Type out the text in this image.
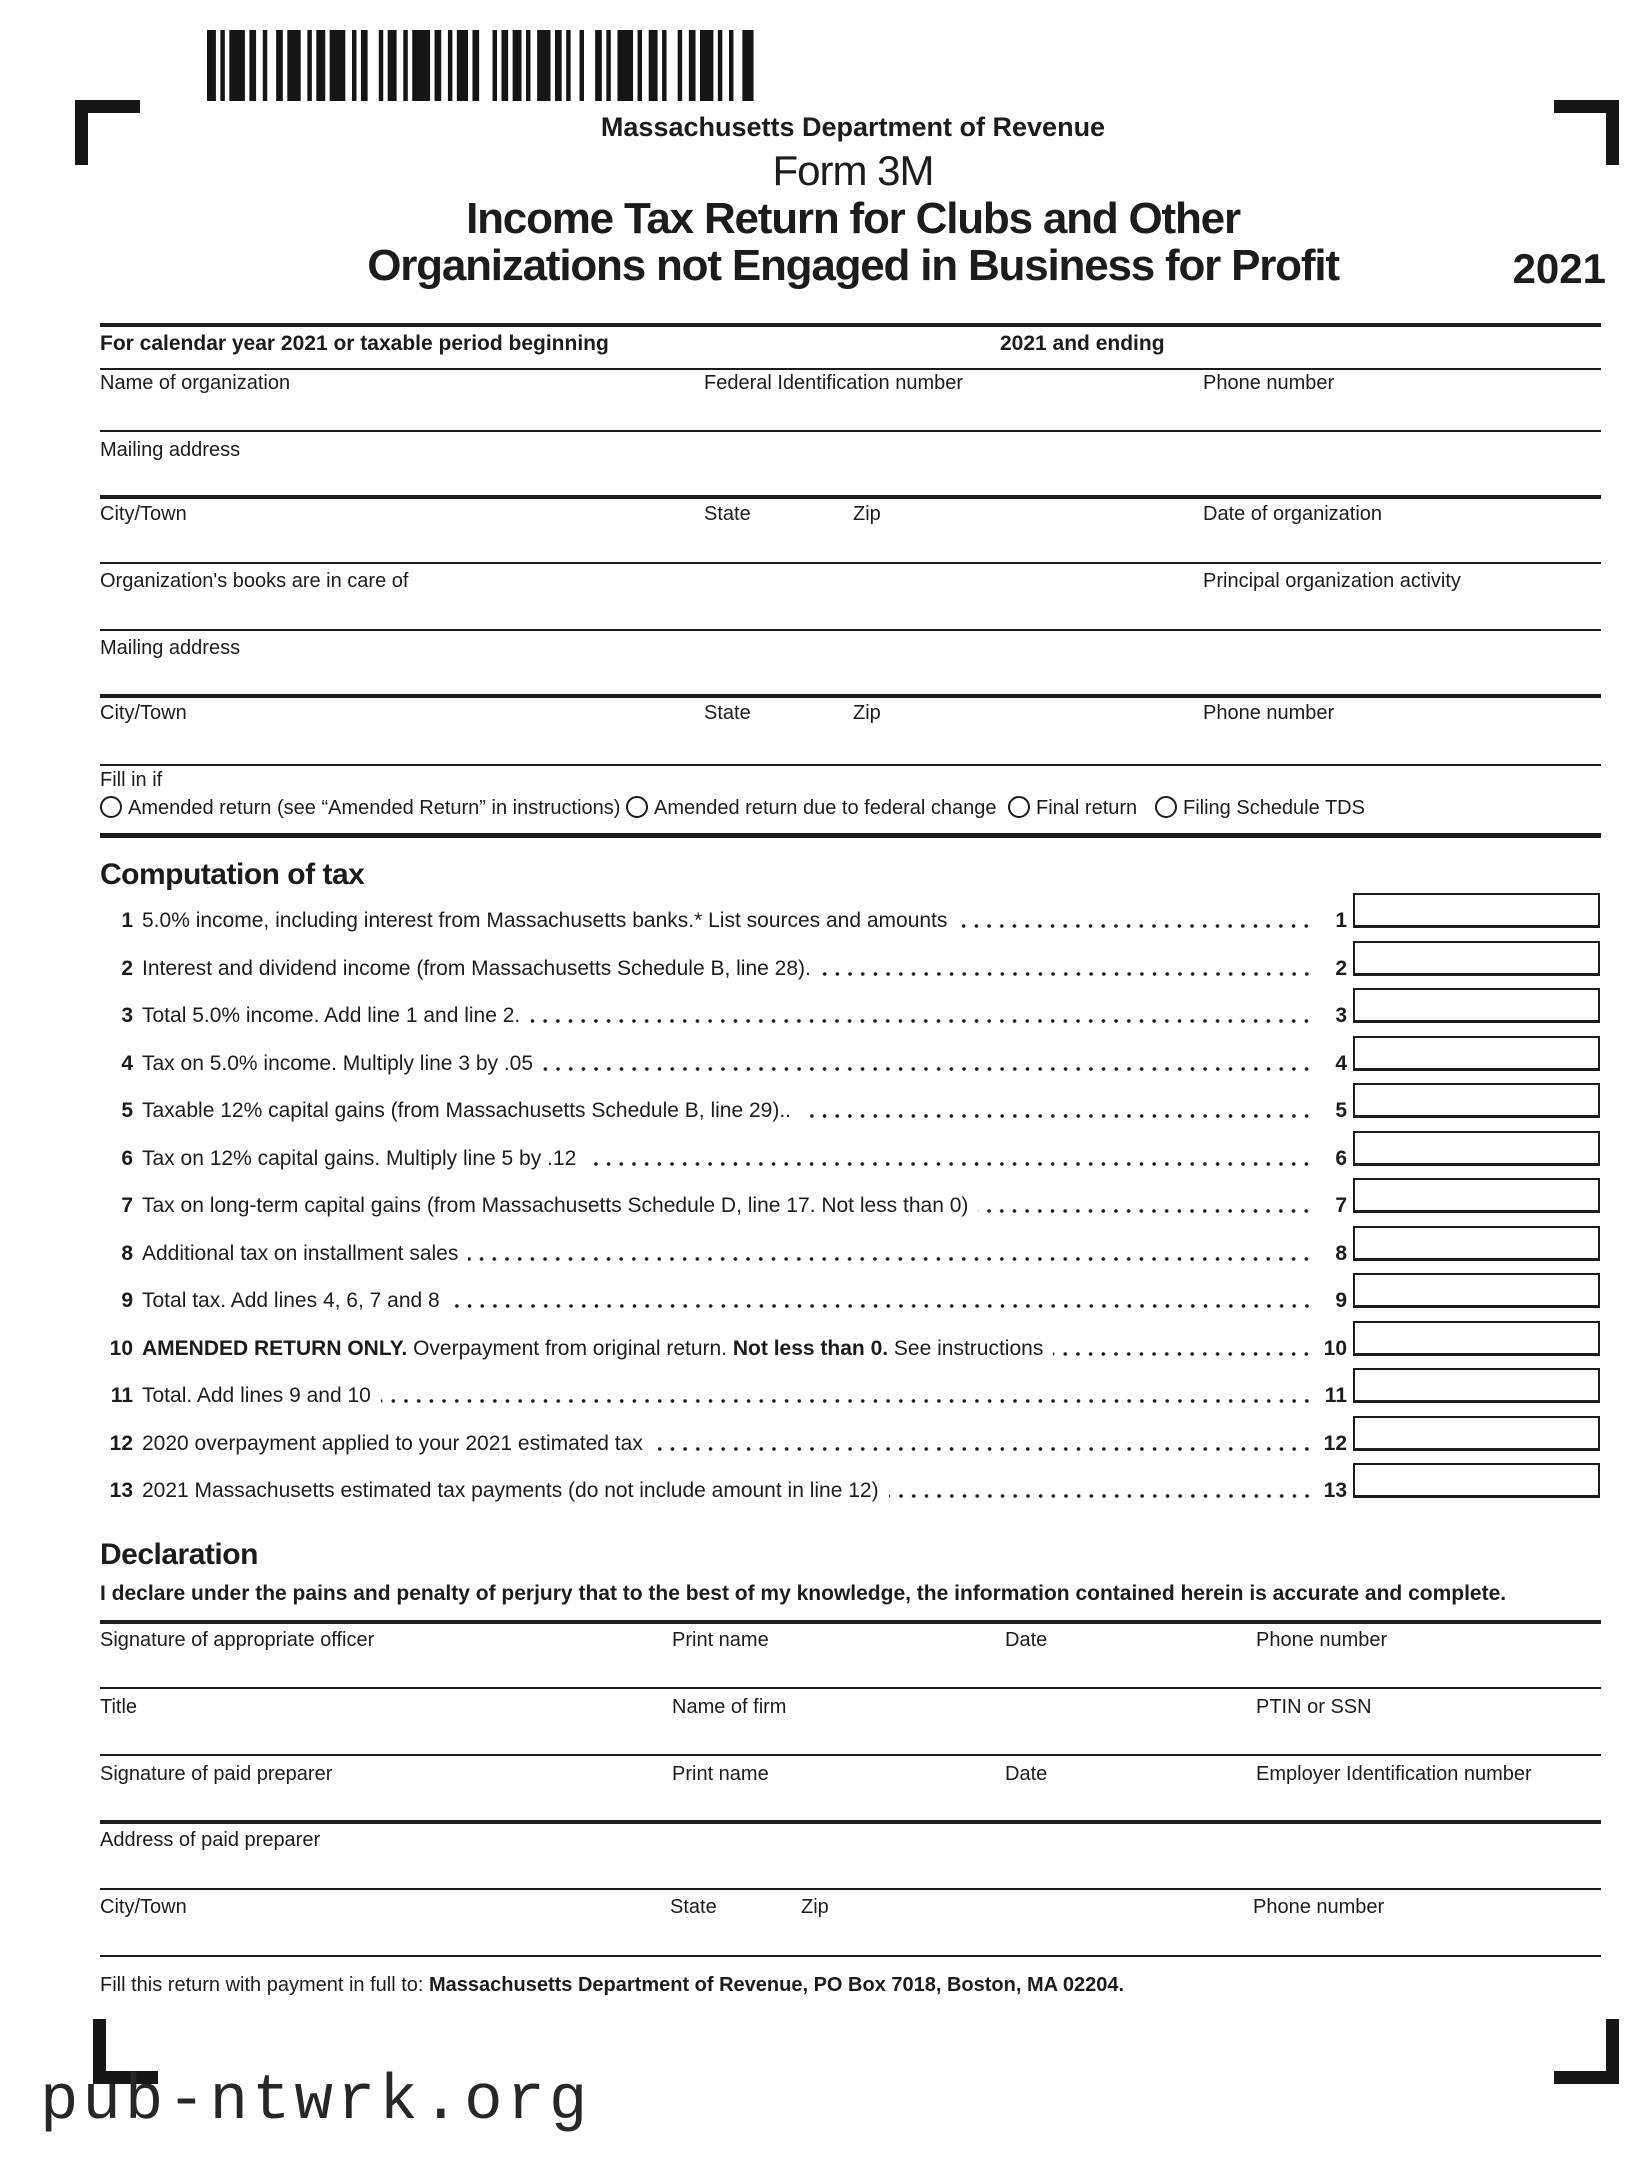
Massachusetts Department of Revenue
Form 3M
Income Tax Return for Clubs and Other
Organizations not Engaged in Business for Profit	2021
For calendar year 2021 or taxable period beginning	2021 and ending
Name of organization	Federal Identification number	Phone number
Mailing address
City/Town	State	Zip	Date of organization
Organization's books are in care of	Principal organization activity
Mailing address
City/Town	State	Zip	Phone number
Fill in if
Amended return (see “Amended Return” in instructions) Amended return due to federal change Final return Filing Schedule TDS
Computation of tax
1 5.0% income, including interest from Massachusetts banks.* List sources and amounts	1
2 Interest and dividend income (from Massachusetts Schedule B, line 28).	2
3 Total 5.0% income. Add line 1 and line 2.	3
4 Tax on 5.0% income. Multiply line 3 by .05	4
5 Taxable 12% capital gains (from Massachusetts Schedule B, line 29)..	5
6 Tax on 12% capital gains. Multiply line 5 by .12	6
7 Tax on long-term capital gains (from Massachusetts Schedule D, line 17. Not less than 0)	7
8 Additional tax on installment sales	8
9 Total tax. Add lines 4, 6, 7 and 8	9
10 AMENDED RETURN ONLY. Overpayment from original return. Not less than 0. See instructions	10
11 Total. Add lines 9 and 10	11
12 2020 overpayment applied to your 2021 estimated tax	12
13 2021 Massachusetts estimated tax payments (do not include amount in line 12)	13
Declaration
I declare under the pains and penalty of perjury that to the best of my knowledge, the information contained herein is accurate and complete.
Signature of appropriate officer	Print name	Date	Phone number
Title	Name of firm	PTIN or SSN
Signature of paid preparer	Print name	Date	Employer Identification number
Address of paid preparer
City/Town	State	Zip	Phone number
Fill this return with payment in full to: Massachusetts Department of Revenue, PO Box 7018, Boston, MA 02204.
pub-ntwrk.org
